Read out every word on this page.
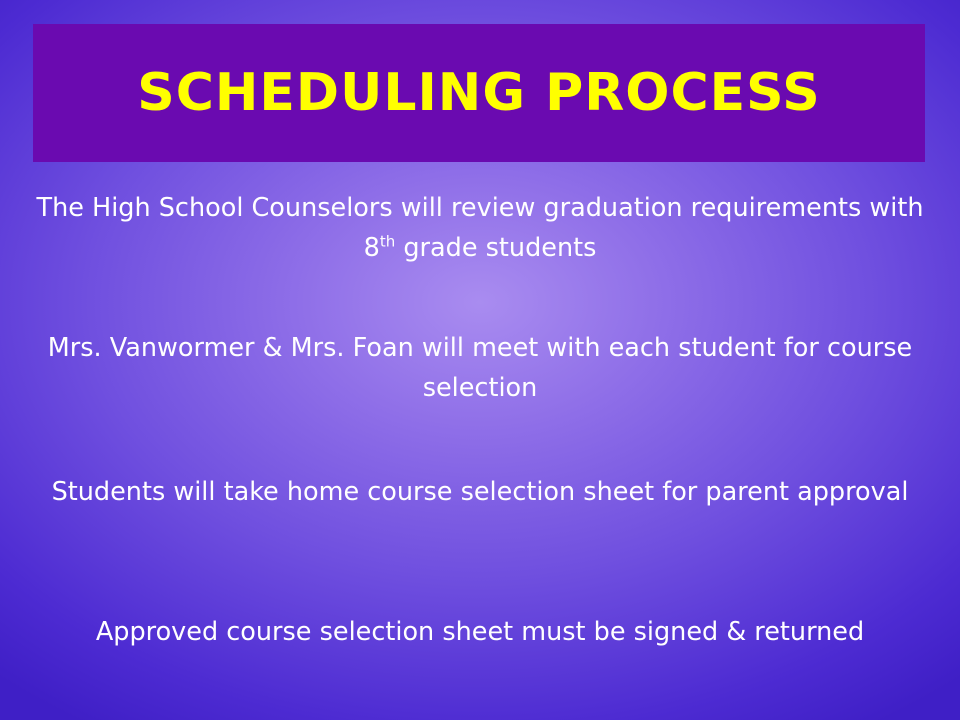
SCHEDULING PROCESS

The High School Counselors will review graduation requirements with 8th grade students

Mrs. Vanwormer & Mrs. Foan will meet with each student for course selection

Students will take home course selection sheet for parent approval

Approved course selection sheet must be signed & returned
